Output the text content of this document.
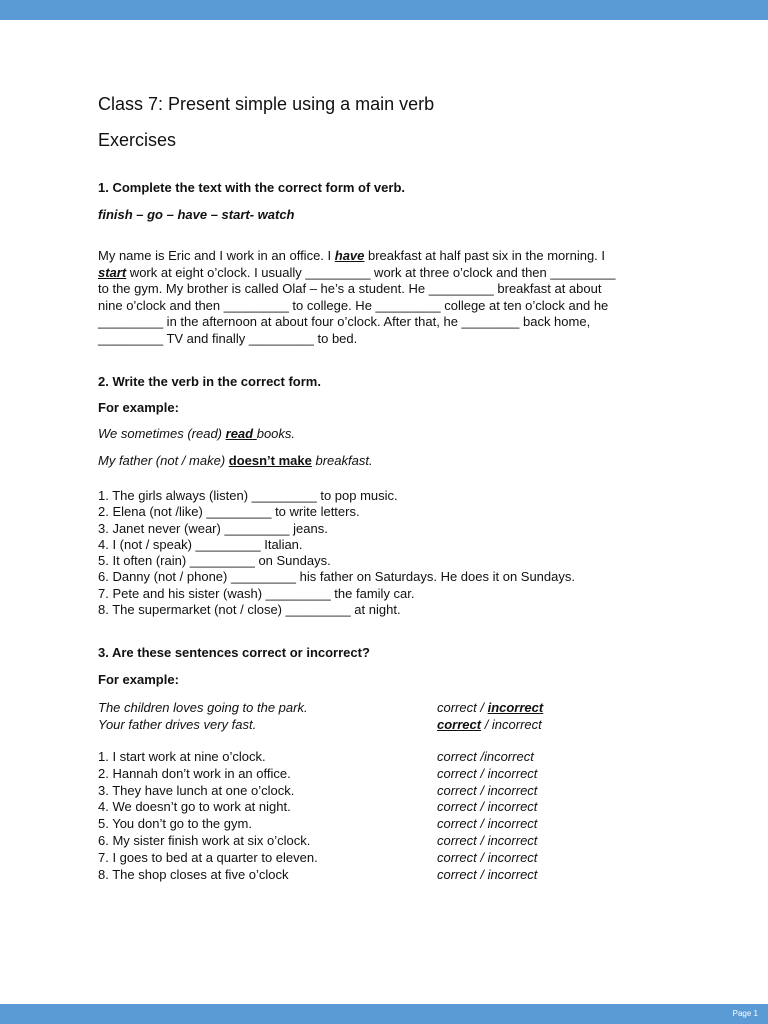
Class 7: Present simple using a main verb
Exercises
1. Complete the text with the correct form of verb.
finish – go – have – start- watch
My name is Eric and I work in an office. I have breakfast at half past six in the morning. I
start work at eight o’clock. I usually _________ work at three o’clock and then _________
to the gym. My brother is called Olaf – he’s a student. He _________ breakfast at about
nine o’clock and then _________ to college. He _________ college at ten o’clock and he
_________ in the afternoon at about four o’clock. After that, he ________ back home,
_________ TV and finally _________ to bed.
2. Write the verb in the correct form.
For example:
We sometimes (read) read books.
My father (not / make) doesn’t make breakfast.
1. The girls always (listen) _________ to pop music.
2. Elena (not /like) _________ to write letters.
3. Janet never (wear) _________ jeans.
4. I (not / speak) _________ Italian.
5. It often (rain) _________ on Sundays.
6. Danny (not / phone) _________ his father on Saturdays. He does it on Sundays.
7. Pete and his sister (wash) _________ the family car.
8. The supermarket (not / close) _________ at night.
3. Are these sentences correct or incorrect?
For example:
The children loves going to the park.	correct / incorrect
Your father drives very fast.	correct / incorrect
1. I start work at nine o’clock.	correct /incorrect
2. Hannah don’t work in an office.	correct / incorrect
3. They have lunch at one o’clock.	correct / incorrect
4. We doesn’t go to work at night.	correct / incorrect
5. You don’t go to the gym.	correct / incorrect
6. My sister finish work at six o’clock.	correct / incorrect
7. I goes to bed at a quarter to eleven.	correct / incorrect
8. The shop closes at five o’clock	correct / incorrect
Page 1
